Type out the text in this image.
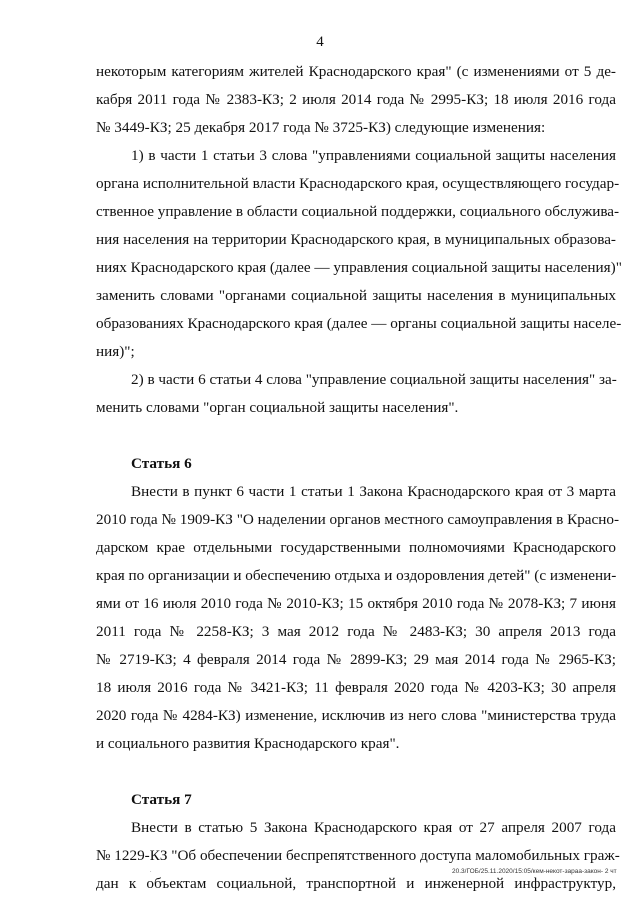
4
некоторым категориям жителей Краснодарского края" (с изменениями от 5 де-
кабря 2011 года № 2383-КЗ; 2 июля 2014 года № 2995-КЗ; 18 июля 2016 года
№ 3449-КЗ; 25 декабря 2017 года № 3725-КЗ) следующие изменения:
1) в части 1 статьи 3 слова "управлениями социальной защиты населения
органа исполнительной власти Краснодарского края, осуществляющего государ-
ственное управление в области социальной поддержки, социального обслужива-
ния населения на территории Краснодарского края, в муниципальных образова-
ниях Краснодарского края (далее — управления социальной защиты населения)"
заменить словами "органами социальной защиты населения в муниципальных
образованиях Краснодарского края (далее — органы социальной защиты населе-
ния)";
2) в части 6 статьи 4 слова "управление социальной защиты населения" за-
менить словами "орган социальной защиты населения".
Статья 6
Внести в пункт 6 части 1 статьи 1 Закона Краснодарского края от 3 марта
2010 года № 1909-КЗ "О наделении органов местного самоуправления в Красно-
дарском крае отдельными государственными полномочиями Краснодарского
края по организации и обеспечению отдыха и оздоровления детей" (с изменени-
ями от 16 июля 2010 года № 2010-КЗ; 15 октября 2010 года № 2078-КЗ; 7 июня
2011 года № 2258-КЗ; 3 мая 2012 года № 2483-КЗ; 30 апреля 2013 года
№ 2719-КЗ; 4 февраля 2014 года № 2899-КЗ; 29 мая 2014 года № 2965-КЗ;
18 июля 2016 года № 3421-КЗ; 11 февраля 2020 года № 4203-КЗ; 30 апреля
2020 года № 4284-КЗ) изменение, исключив из него слова "министерства труда
и социального развития Краснодарского края".
Статья 7
Внести в статью 5 Закона Краснодарского края от 27 апреля 2007 года
№ 1229-КЗ "Об обеспечении беспрепятственного доступа маломобильных граж-
дан к объектам социальной, транспортной и инженерной инфраструктур,
.	20.3/ГОБ/25.11.2020/15:05/кем-некот-зараа-закон- 2 чт
